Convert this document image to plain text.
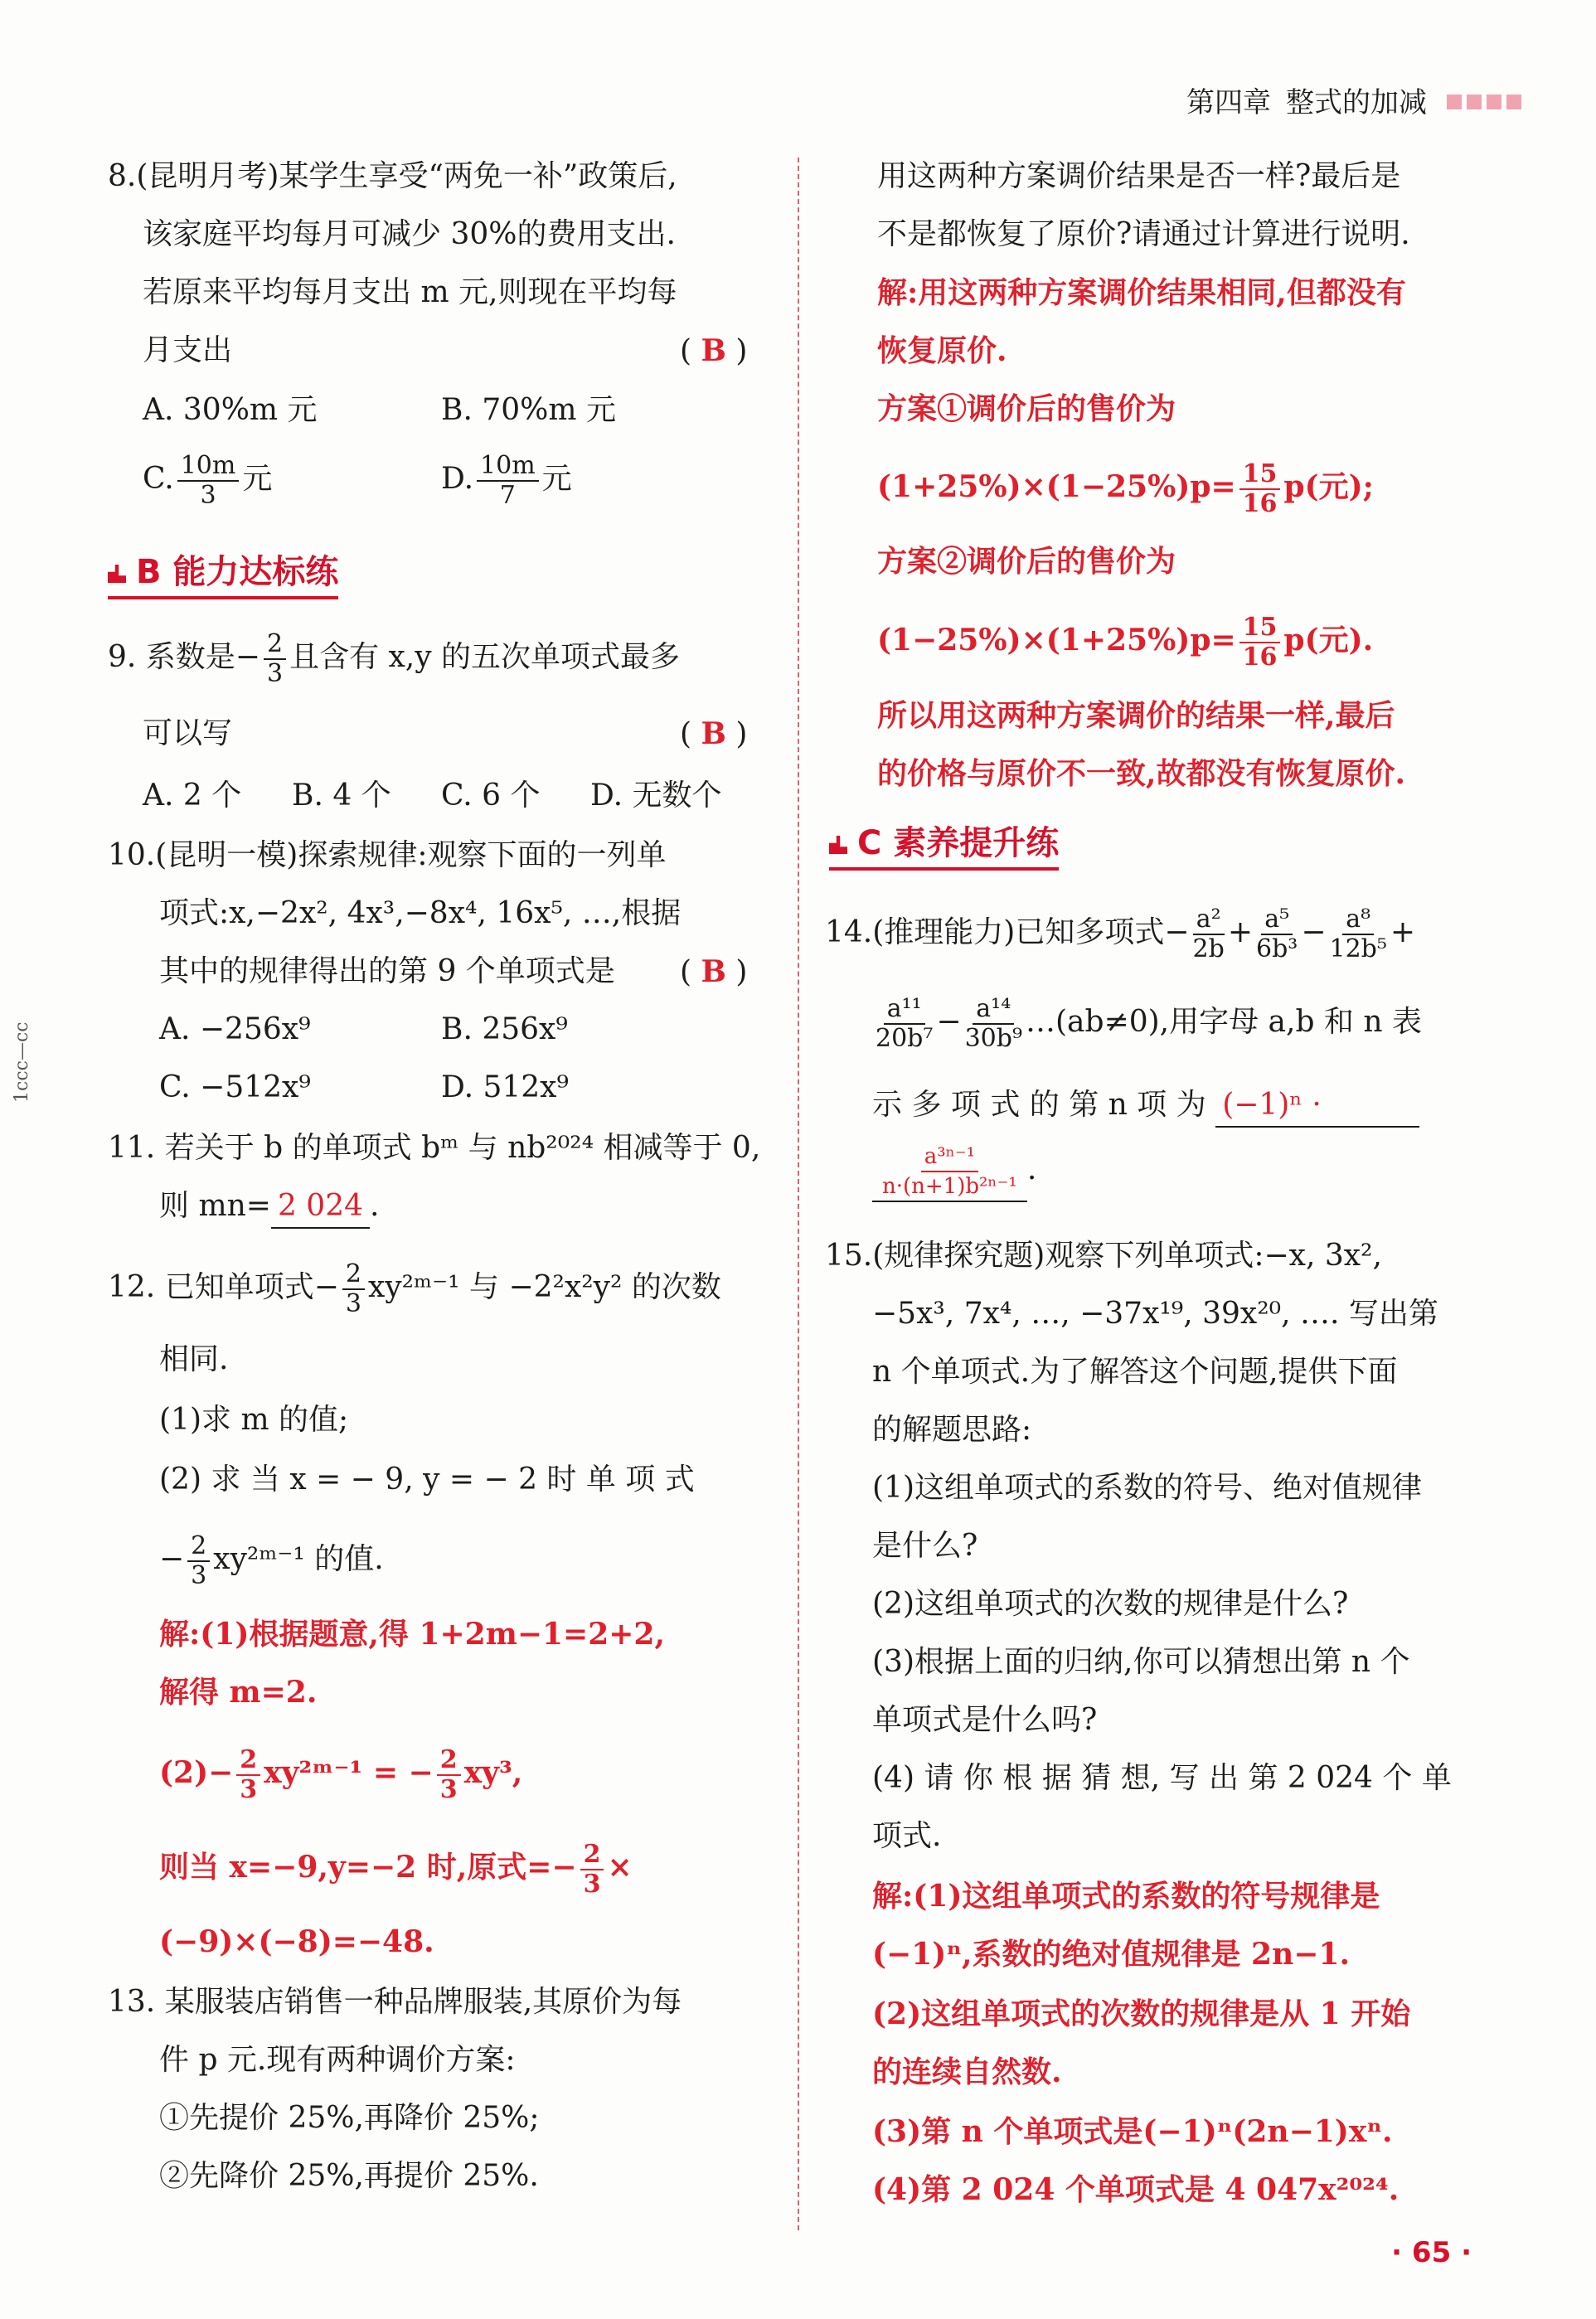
第四章 整式的加减
1ccc—cc
8.(昆明月考)某学生享受“两免一补”政策后,
该家庭平均每月可减少 30%的费用支出.
若原来平均每月支出 m 元,则现在平均每
月支出	( B )
A. 30%m 元	B. 70%m 元
C. $\frac{10m}{3}$ 元	D. $\frac{10m}{7}$ 元
B 能力达标练
9. 系数是− $\frac{2}{3}$ 且含有 x,y 的五次单项式最多
可以写	( B )
A. 2 个 B. 4 个 C. 6 个 D. 无数个
10.(昆明一模)探索规律:观察下面的一列单
项式:x,−2x², 4x³,−8x⁴, 16x⁵, …,根据
其中的规律得出的第 9 个单项式是 ( B )
A. −256x⁹	B. 256x⁹
C. −512x⁹	D. 512x⁹
11. 若关于 b 的单项式 bᵐ 与 nb²⁰²⁴ 相减等于 0,
则 mn= 2 024 .
12. 已知单项式− $\frac{2}{3}$ xy²ᵐ⁻¹ 与 −2²x²y² 的次数
相同.
(1)求 m 的值;
(2) 求 当 x = − 9, y = − 2 时 单 项 式
− $\frac{2}{3}$ xy²ᵐ⁻¹ 的值.
解:(1)根据题意,得 1+2m−1=2+2,
解得 m=2.
$(2)- \frac{2}{3}$ xy²ᵐ⁻¹ = − $\frac{2}{3} xy^3$,
则当 x=−9,y=−2 时,原式=− $\frac{2}{3}$ ×
(−9)×(−8)=−48.
13. 某服装店销售一种品牌服装,其原价为每
件 p 元.现有两种调价方案:
①先提价 25%,再降价 25%;
②先降价 25%,再提价 25%.
用这两种方案调价结果是否一样?最后是
不是都恢复了原价?请通过计算进行说明.
解:用这两种方案调价结果相同,但都没有
恢复原价.
方案①调价后的售价为
$(1+25\%)\times(1-25\%)p= \frac{15}{16} p$(元);
方案②调价后的售价为
$(1-25\%)\times(1+25\%)p= \frac{15}{16} p$(元).
所以用这两种方案调价的结果一样,最后
的价格与原价不一致,故都没有恢复原价.
C 素养提升练
14.(推理能力)已知多项式− $\frac{\text{a²}}{2b} + \frac{\text{a⁵}}{\text{6b³}} - \frac{\text{a⁸}}{\text{12b⁵}}$ +
$\frac{\text{a¹¹}}{\text{20b⁷}} - \frac{\text{a¹⁴}}{\text{30b⁹}}$ …(ab≠0),用字母 a,b 和 n 表
示 多 项 式 的 第 n 项 为 (−1)ⁿ ·
$\frac{\text{a³ⁿ⁻¹}}{\text{n·(n+1)b²ⁿ⁻¹}}$ .
15.(规律探究题)观察下列单项式:−x, 3x²,
−5x³, 7x⁴, …, −37x¹⁹, 39x²⁰, …. 写出第
n 个单项式.为了解答这个问题,提供下面
的解题思路:
(1)这组单项式的系数的符号、绝对值规律
是什么?
(2)这组单项式的次数的规律是什么?
(3)根据上面的归纳,你可以猜想出第 n 个
单项式是什么吗?
(4) 请 你 根 据 猜 想, 写 出 第 2 024 个 单
项式.
解:(1)这组单项式的系数的符号规律是
(−1)ⁿ,系数的绝对值规律是 2n−1.
(2)这组单项式的次数的规律是从 1 开始
的连续自然数.
(3)第 n 个单项式是(−1)ⁿ(2n−1)xⁿ.
(4)第 2 024 个单项式是 4 047x²⁰²⁴.
· 65 ·
